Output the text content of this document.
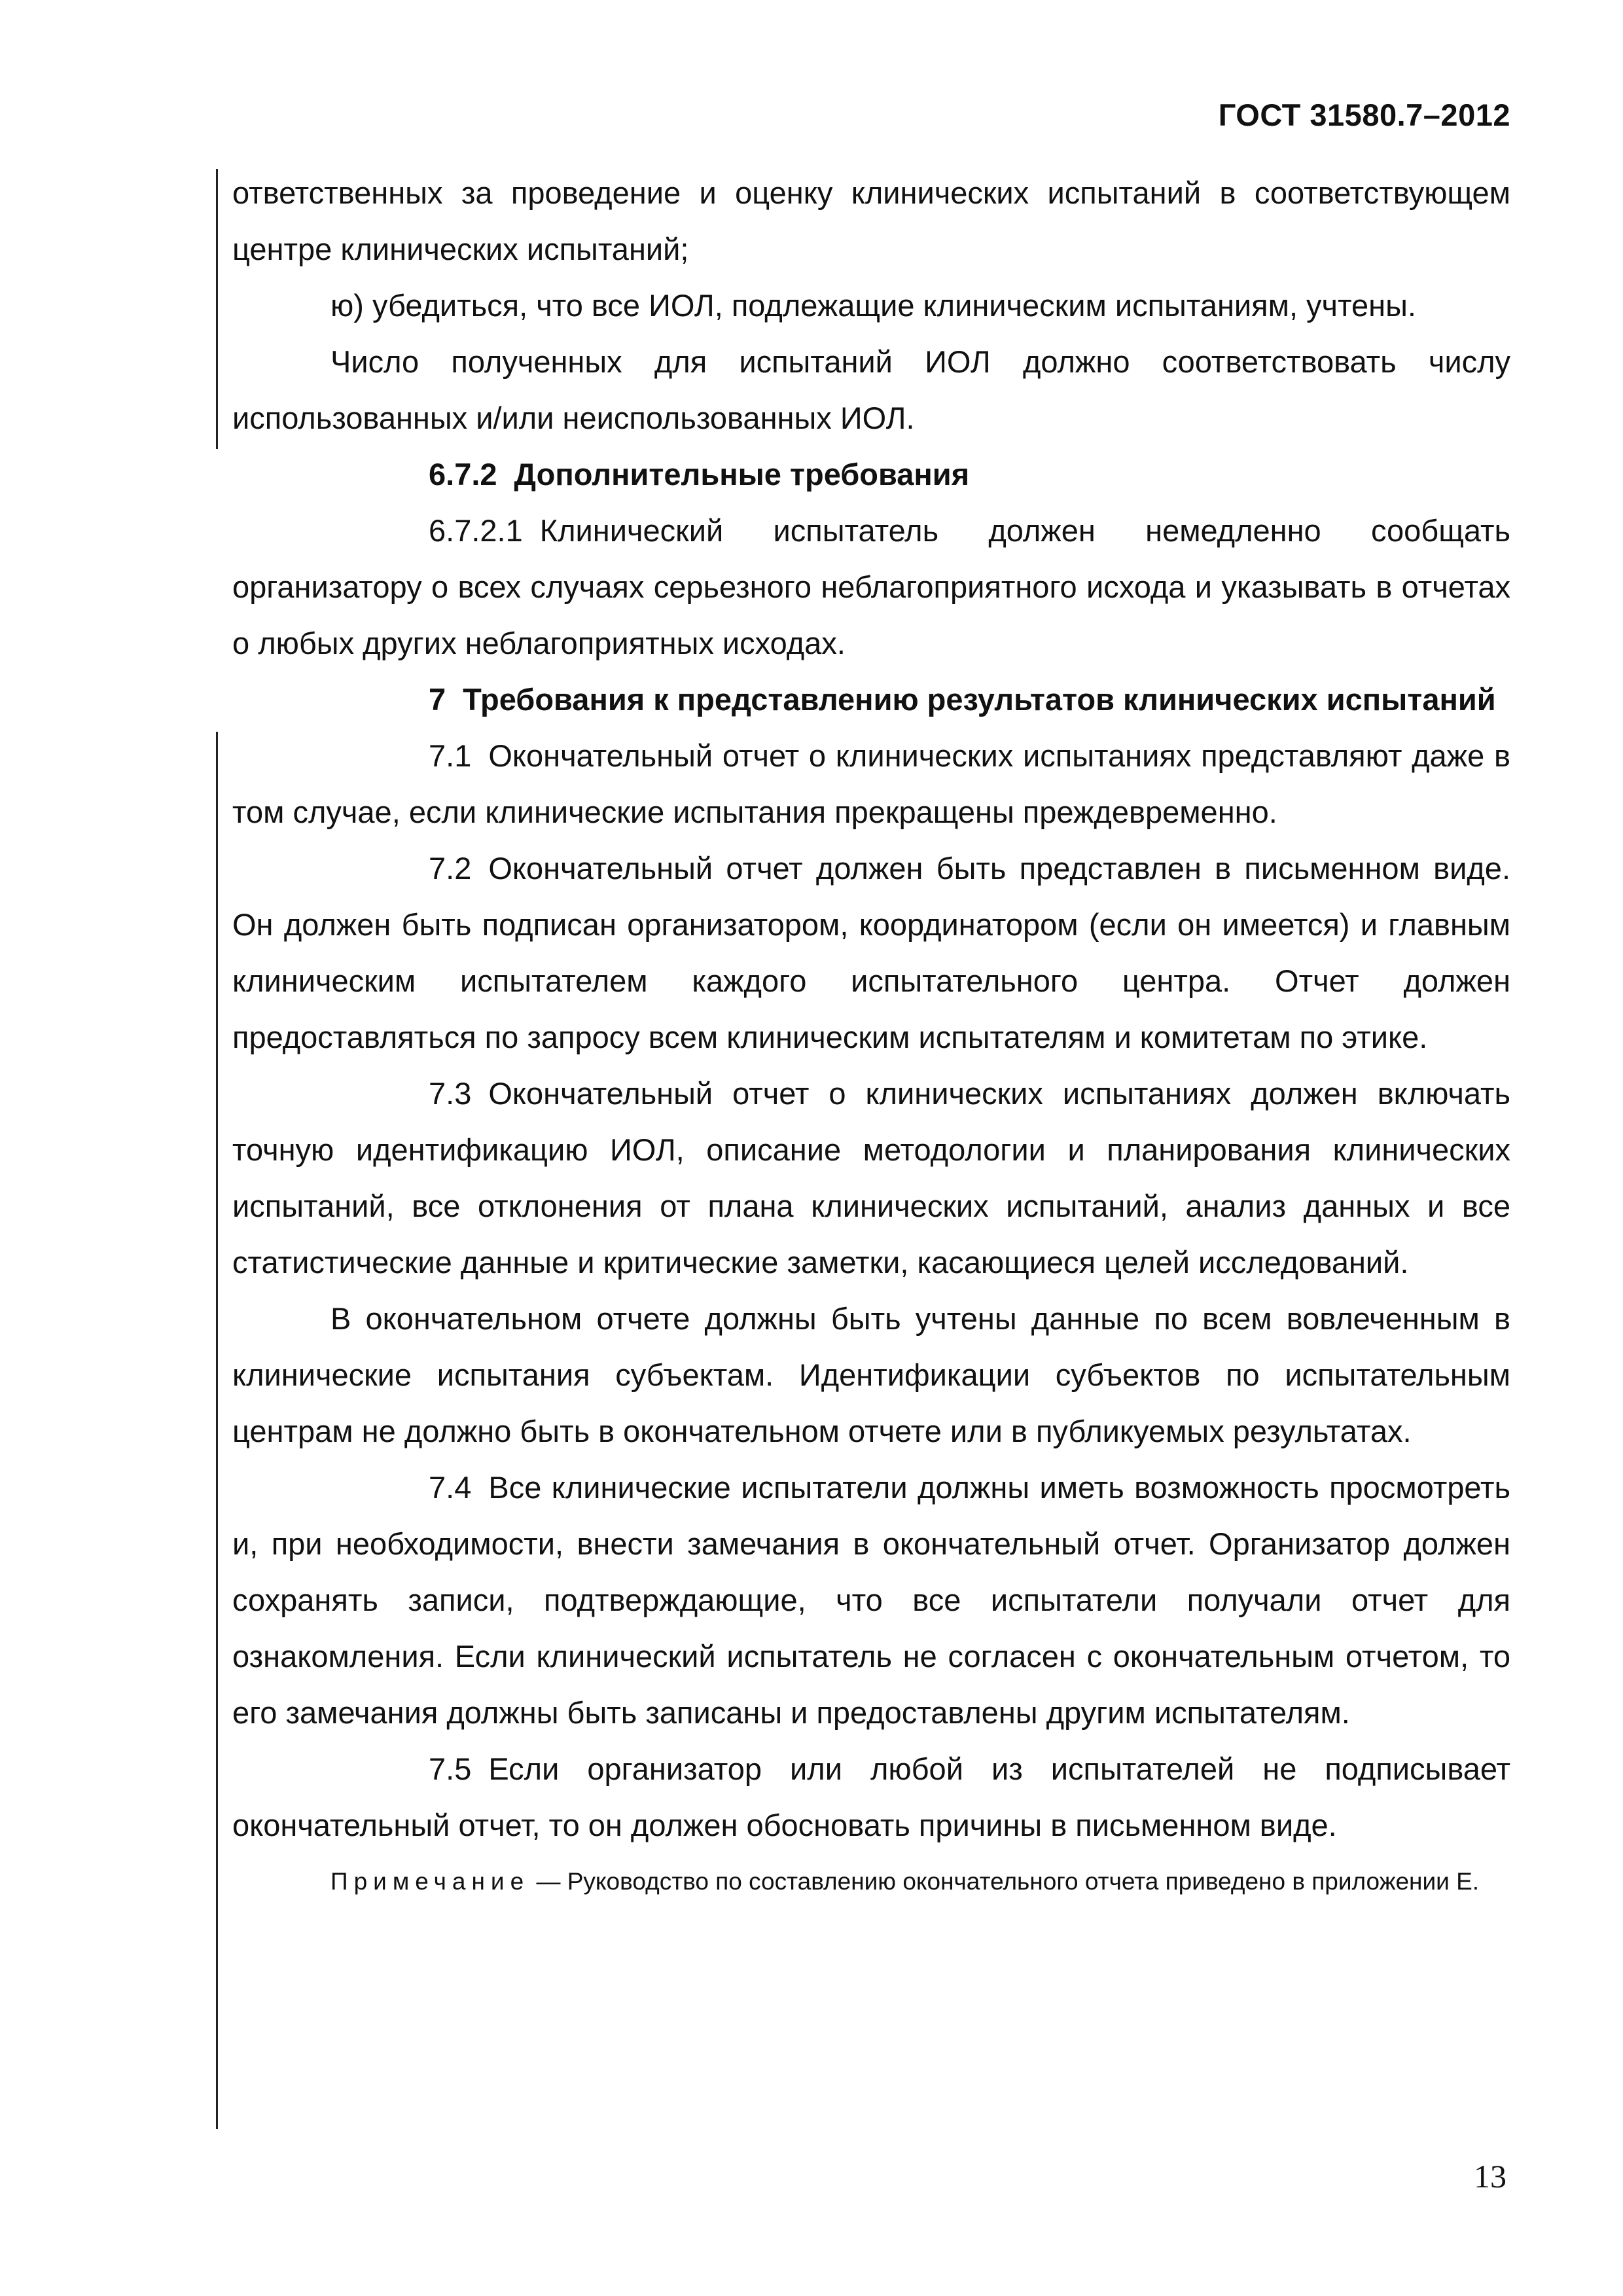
ГОСТ 31580.7–2012

ответственных за проведение и оценку клинических испытаний в соответствующем центре клинических испытаний;

ю) убедиться, что все ИОЛ, подлежащие клиническим испытаниям, учтены.

Число полученных для испытаний ИОЛ должно соответствовать числу использованных и/или неиспользованных ИОЛ.

6.7.2 Дополнительные требования

6.7.2.1 Клинический испытатель должен немедленно сообщать организатору о всех случаях серьезного неблагоприятного исхода и указывать в отчетах о любых других неблагоприятных исходах.

7 Требования к представлению результатов клинических испытаний

7.1 Окончательный отчет о клинических испытаниях представляют даже в том случае, если клинические испытания прекращены преждевременно.

7.2 Окончательный отчет должен быть представлен в письменном виде. Он должен быть подписан организатором, координатором (если он имеется) и главным клиническим испытателем каждого испытательного центра. Отчет должен предоставляться по запросу всем клиническим испытателям и комитетам по этике.

7.3 Окончательный отчет о клинических испытаниях должен включать точную идентификацию ИОЛ, описание методологии и планирования клинических испытаний, все отклонения от плана клинических испытаний, анализ данных и все статистические данные и критические заметки, касающиеся целей исследований.

В окончательном отчете должны быть учтены данные по всем вовлеченным в клинические испытания субъектам. Идентификации субъектов по испытательным центрам не должно быть в окончательном отчете или в публикуемых результатах.

7.4 Все клинические испытатели должны иметь возможность просмотреть и, при необходимости, внести замечания в окончательный отчет. Организатор должен сохранять записи, подтверждающие, что все испытатели получали отчет для ознакомления. Если клинический испытатель не согласен с окончательным отчетом, то его замечания должны быть записаны и предоставлены другим испытателям.

7.5 Если организатор или любой из испытателей не подписывает окончательный отчет, то он должен обосновать причины в письменном виде.

Примечание — Руководство по составлению окончательного отчета приведено в приложении Е.

13
